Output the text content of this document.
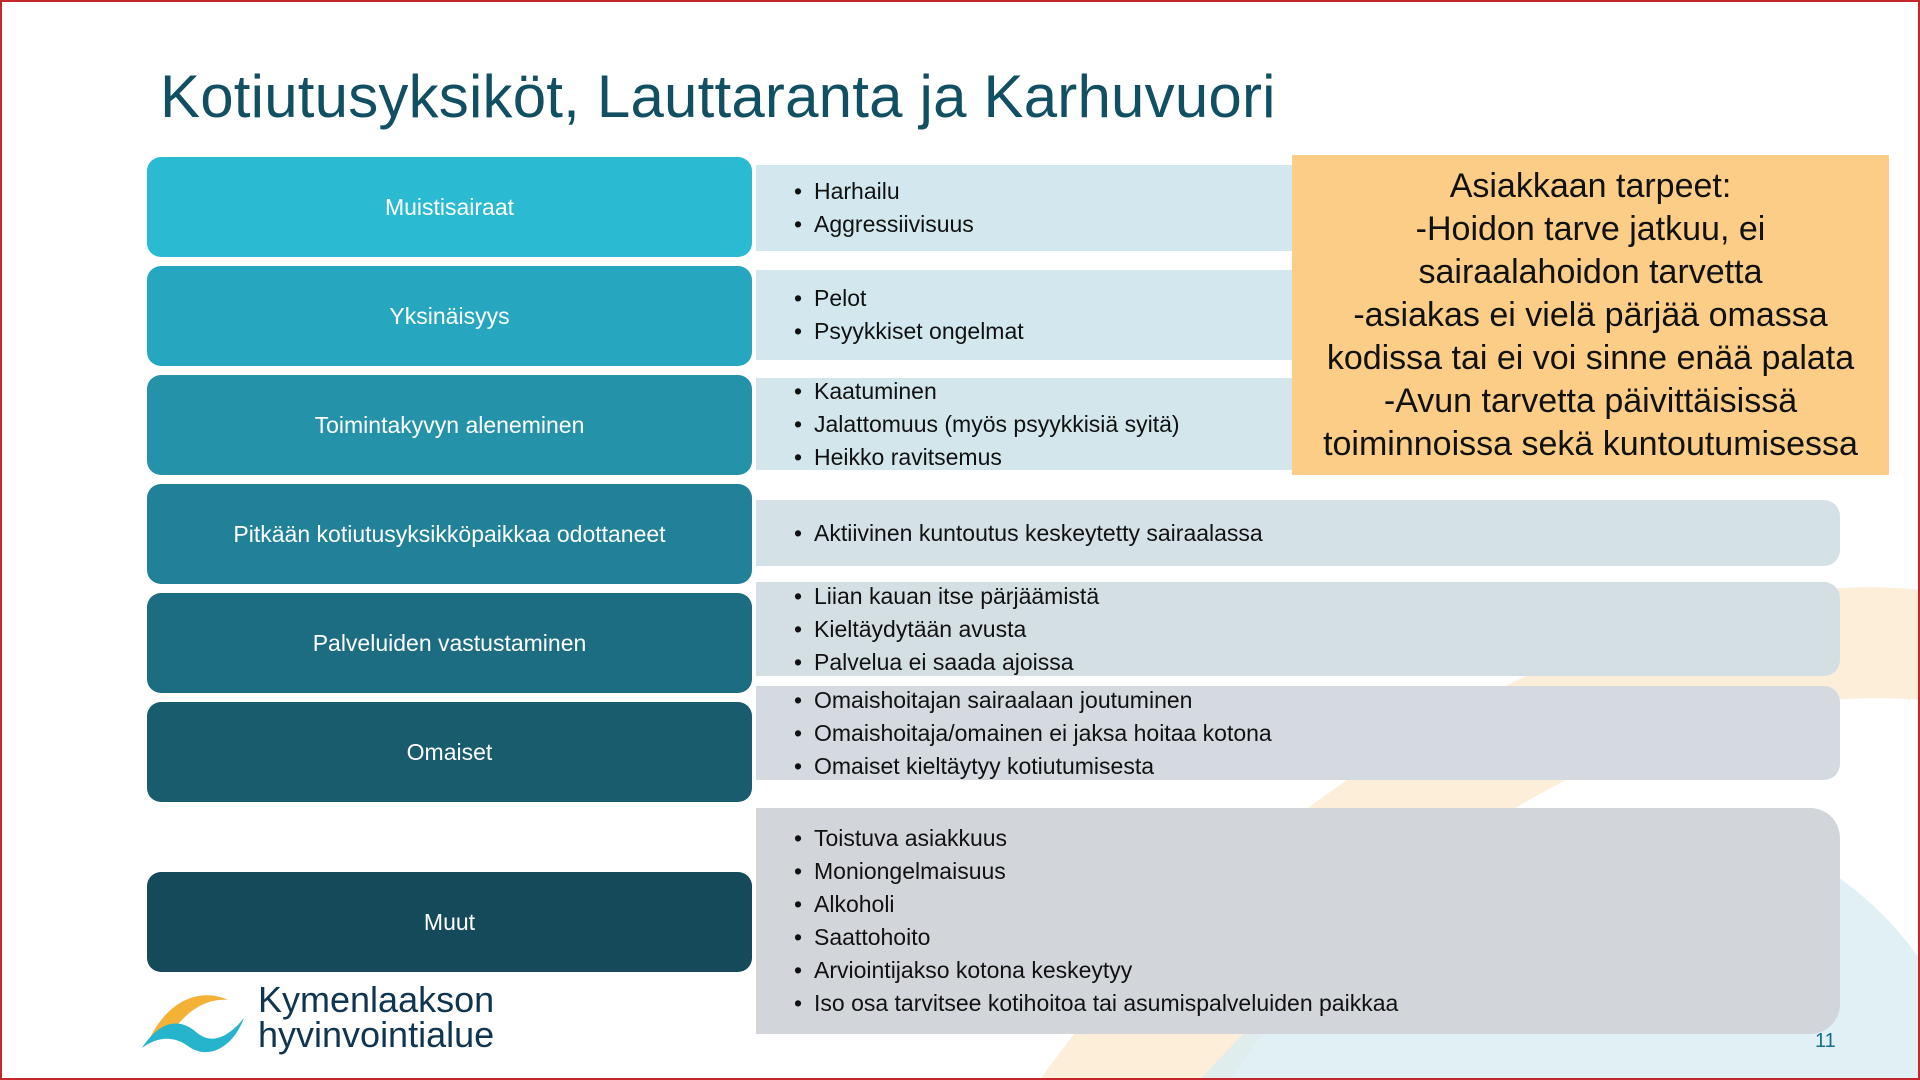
Kotiutusyksiköt, Lauttaranta ja Karhuvuori
Muistisairaat
• Harhailu
• Aggressiivisuus
Yksinäisyys
• Pelot
• Psyykkiset ongelmat
Toimintakyvyn aleneminen
• Kaatuminen
• Jalattomuus (myös psyykkisiä syitä)
• Heikko ravitsemus
Pitkään kotiutusyksikköpaikkaa odottaneet
•	Aktiivinen kuntoutus keskeytetty sairaalassa
Palveluiden vastustaminen
• Liian kauan itse pärjäämistä
• Kieltäydytään avusta
• Palvelua ei saada ajoissa
Omaiset
• Omaishoitajan sairaalaan joutuminen
• Omaishoitaja/omainen ei jaksa hoitaa kotona
• Omaiset kieltäytyy kotiutumisesta
Muut
• Toistuva asiakkuus
• Moniongelmaisuus
• Alkoholi
• Saattohoito
• Arviointijakso kotona keskeytyy
• Iso osa tarvitsee kotihoitoa tai asumispalveluiden paikkaa
Asiakkaan tarpeet:
-Hoidon tarve jatkuu, ei
sairaalahoidon tarvetta
-asiakas ei vielä pärjää omassa
kodissa tai ei voi sinne enää palata
-Avun tarvetta päivittäisissä
toiminnoissa sekä kuntoutumisessa
Kymenlaakson
hyvinvointialue	11
